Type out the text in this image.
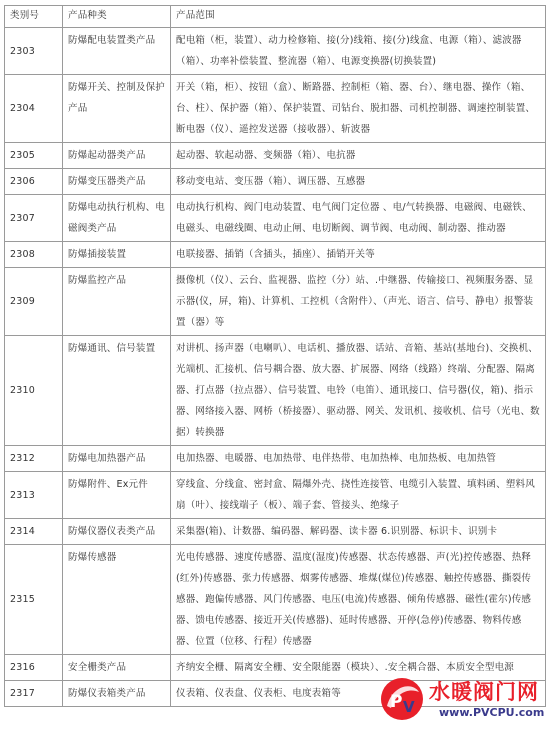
类别号	产品种类	产品范围
2303	防爆配电装置类产品	配电箱（柜，装置）、动力检修箱、接(分)线箱、接(分)线盒、电源（箱）、滤波器（箱）、功率补偿装置、整流器（箱）、电源变换器(切换装置)
2304	防爆开关、控制及保护产品	开关（箱，柜）、按钮（盒）、断路器、控制柜（箱、器、台）、继电器、操作（箱、台、柱）、保护器（箱）、保护装置、司钻台、脱扣器、司机控制器、调速控制装置、断电器（仪）、遥控发送器（接收器）、斩波器
2305	防爆起动器类产品	起动器、软起动器、变频器（箱）、电抗器
2306	防爆变压器类产品	移动变电站、变压器（箱）、调压器、互感器
2307	防爆电动执行机构、电磁阀类产品	电动执行机构、阀门电动装置、电气阀门定位器 、电/气转换器、电磁阀、电磁铁、电磁头、电磁线圈、电动止闸、电切断阀、调节阀、电动阀、制动器、推动器
2308	防爆插接装置	电联接器、插销（含插头，插座）、插销开关等
2309	防爆监控产品	摄像机（仪）、云台、监视器、监控（分）站、.中继器、传输接口、视频服务器、显示器(仪，屏，箱)、计算机、工控机（含附件）、（声光、语言、信号、静电）报警装置（器）等
2310	防爆通讯、信号装置	对讲机、扬声器（电喇叭）、电话机、播放器、话站、音箱、基站(基地台)、交换机、光端机、汇接机、信号耦合器、放大器、扩展器、网络（线路）终端、分配器、隔离器、打点器（拉点器）、信号装置、电铃（电笛）、通讯接口、信号器(仪，箱)、指示器、网络接入器、网桥（桥接器）、驱动器、网关、发讯机、接收机、信号（光电、数据）转换器
2312	防爆电加热器产品	电加热器、电暖器、电加热带、电伴热带、电加热棒、电加热板、电加热管
2313	防爆附件、Ex元件	穿线盒、分线盒、密封盒、隔爆外壳、挠性连接管、电缆引入装置、填料函、塑料风扇（叶）、接线端子（板）、端子套、管接头、绝缘子
2314	防爆仪器仪表类产品	采集器(箱)、计数器、编码器、解码器、读卡器 6.识别器、标识卡、识别卡
2315	防爆传感器	光电传感器、速度传感器、温度(湿度)传感器、状态传感器、声(光)控传感器、热释(红外)传感器、张力传感器、烟雾传感器、堆煤(煤位)传感器、触控传感器、撕裂传感器、跑偏传感器、风门传感器、电压(电流)传感器、倾角传感器、磁性(霍尔)传感器、馈电传感器、接近开关(传感器)、延时传感器、开停(急停)传感器、物料传感器、位置（位移、行程）传感器
2316	安全栅类产品	齐纳安全栅、隔离安全栅、安全限能器（模块）、.安全耦合器、本质安全型电源
2317	防爆仪表箱类产品	仪表箱、仪表盘、仪表柜、电度表箱等	P V
水暖阀门网
www.PVCPU.com
